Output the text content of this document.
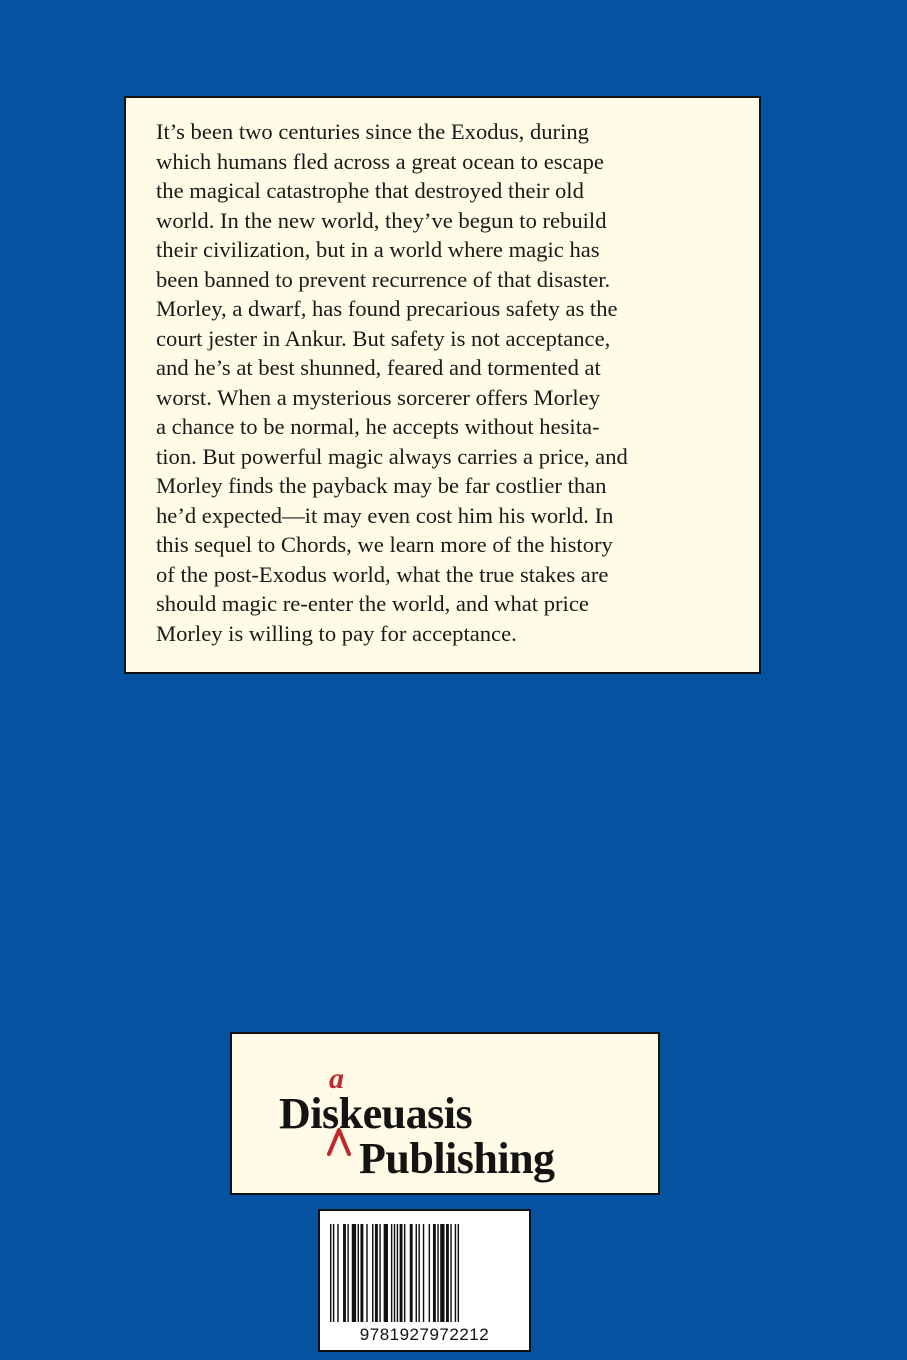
It’s been two centuries since the Exodus, during
which humans fled across a great ocean to escape
the magical catastrophe that destroyed their old
world. In the new world, they’ve begun to rebuild
their civilization, but in a world where magic has
been banned to prevent recurrence of that disaster.
Morley, a dwarf, has found precarious safety as the
court jester in Ankur. But safety is not acceptance,
and he’s at best shunned, feared and tormented at
worst. When a mysterious sorcerer offers Morley
a chance to be normal, he accepts without hesita-
tion. But powerful magic always carries a price, and
Morley finds the payback may be far costlier than
he’d expected—it may even cost him his world. In
this sequel to Chords, we learn more of the history
of the post-Exodus world, what the true stakes are
should magic re-enter the world, and what price
Morley is willing to pay for acceptance.
a
Diskeuasis
Publishing
9781927972212
